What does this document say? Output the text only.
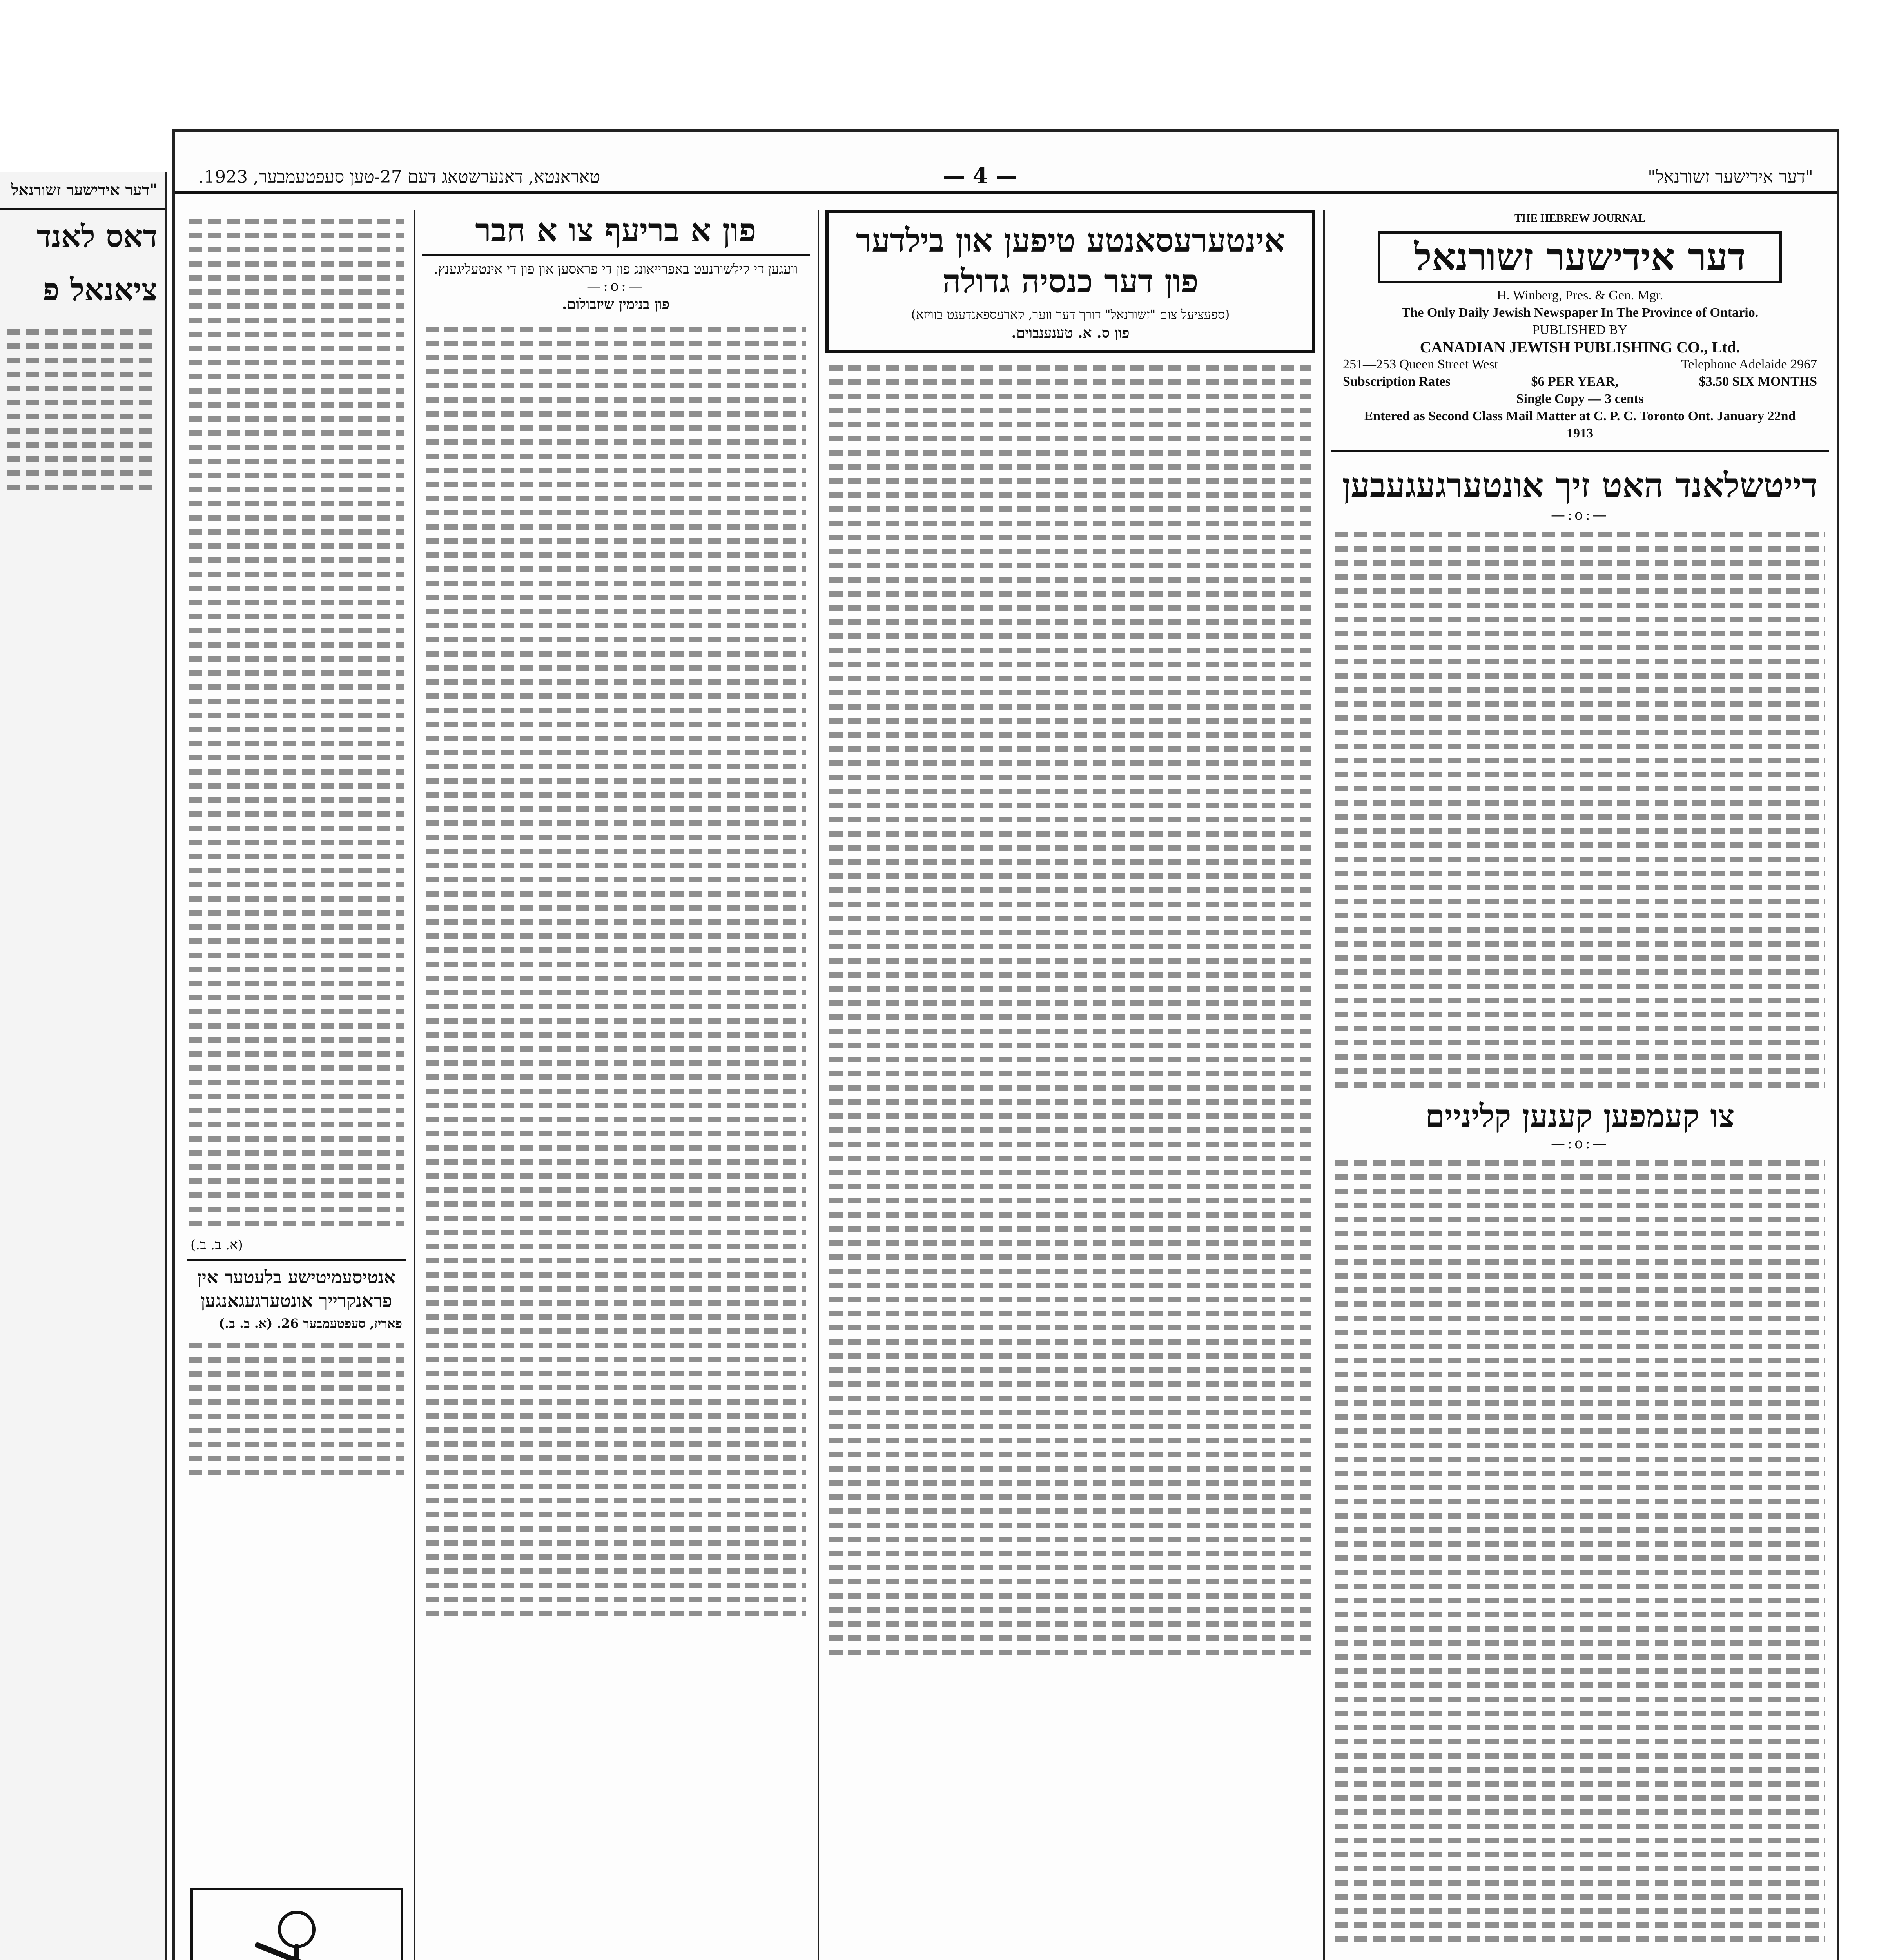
"דער אידישער זשורנאל
דאס לאנד
ציאנאל פ
"דער אידישער זשורנאל"
— 4 —
טאראנטא, דאנערשטאג דעם 27-טען סעפטעמבער, 1923.
THE HEBREW JOURNAL
דער אידישער זשורנאל
H. Winberg, Pres. & Gen. Mgr.
The Only Daily Jewish Newspaper In The Province of Ontario.
PUBLISHED BY
CANADIAN JEWISH PUBLISHING CO., Ltd.
251—253 Queen Street West	Telephone Adelaide 2967
Subscription Rates	$6 PER YEAR,	$3.50 SIX MONTHS
Single Copy — 3 cents
Entered as Second Class Mail Matter at C. P. C. Toronto Ont. January 22nd 1913
דייטשלאנד האט זיך אונטערגעגעבען
—:o:—
צו קעמפען קענען קליניים
—:o:—
אינטערעסאנטע טיפען און בילדער
פון דער כנסיה גדולה
(ספעציעל צום "זשורנאל" דורך דער ווער, קארעספאנדענט בוויזא)
פון ס. א. טענענבוים.
פון א בריעף צו א חבר
וועגען די קילשורנעט באפרייאונג פון די פראסען און פון די אינטעליגענץ.
—:o:—
פון בנימין שיזבולום.
(א. ב. ב.)
אנטיסעמיטישע בלעטער אין פראנקרייך אונטערגעגאנגען
פאריז, סעפטעמבער 26. (א. ב. ב.)
